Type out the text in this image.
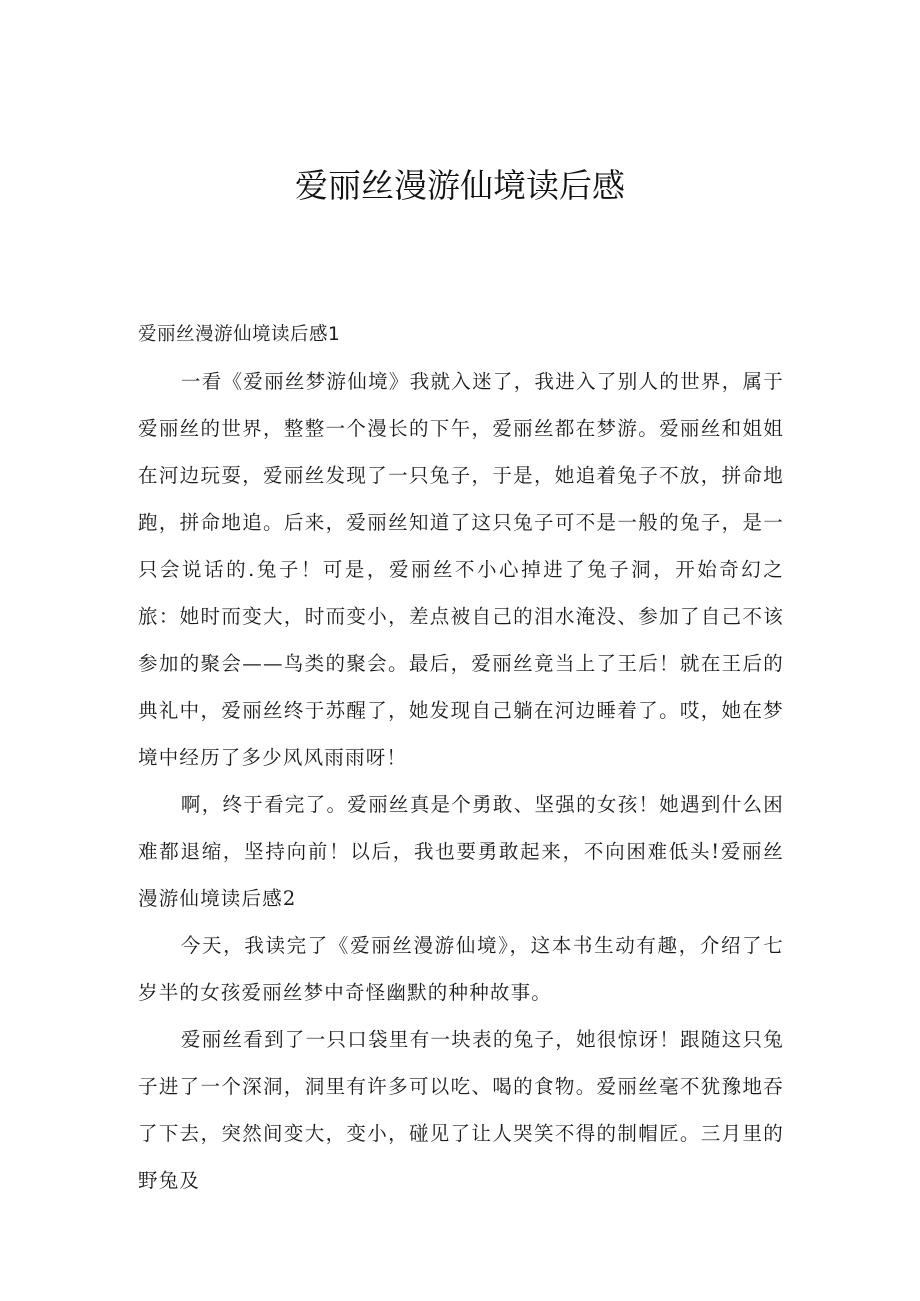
爱丽丝漫游仙境读后感

爱丽丝漫游仙境读后感1

一看《爱丽丝梦游仙境》我就入迷了，我进入了别人的世界，属于爱丽丝的世界，整整一个漫长的下午，爱丽丝都在梦游。爱丽丝和姐姐在河边玩耍，爱丽丝发现了一只兔子，于是，她追着兔子不放，拼命地跑，拼命地追。后来，爱丽丝知道了这只兔子可不是一般的兔子，是一只会说话的.兔子！可是，爱丽丝不小心掉进了兔子洞，开始奇幻之旅：她时而变大，时而变小，差点被自己的泪水淹没、参加了自己不该参加的聚会——鸟类的聚会。最后，爱丽丝竟当上了王后！就在王后的典礼中，爱丽丝终于苏醒了，她发现自己躺在河边睡着了。哎，她在梦境中经历了多少风风雨雨呀！

啊，终于看完了。爱丽丝真是个勇敢、坚强的女孩！她遇到什么困难都退缩，坚持向前！以后，我也要勇敢起来，不向困难低头!爱丽丝漫游仙境读后感2

今天，我读完了《爱丽丝漫游仙境》，这本书生动有趣，介绍了七岁半的女孩爱丽丝梦中奇怪幽默的种种故事。

爱丽丝看到了一只口袋里有一块表的兔子，她很惊讶！跟随这只兔子进了一个深洞，洞里有许多可以吃、喝的食物。爱丽丝毫不犹豫地吞了下去，突然间变大，变小，碰见了让人哭笑不得的制帽匠。三月里的野兔及
